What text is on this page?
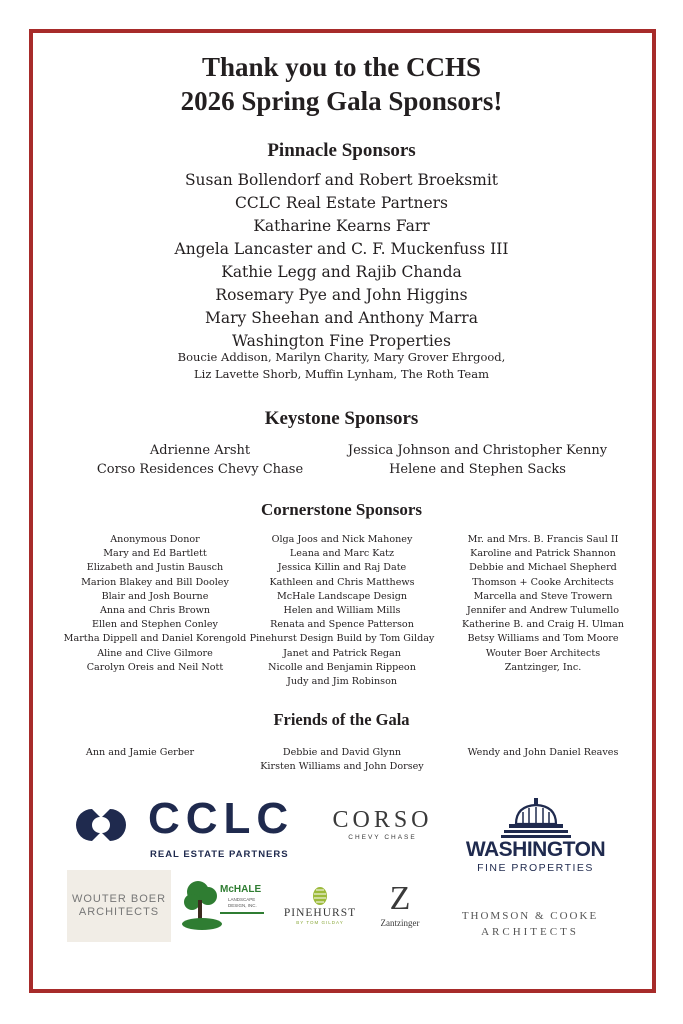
Thank you to the CCHS
2026 Spring Gala Sponsors!
Pinnacle Sponsors
Susan Bollendorf and Robert Broeksmit
CCLC Real Estate Partners
Katharine Kearns Farr
Angela Lancaster and C. F. Muckenfuss III
Kathie Legg and Rajib Chanda
Rosemary Pye and John Higgins
Mary Sheehan and Anthony Marra
Washington Fine Properties
Boucie Addison, Marilyn Charity, Mary Grover Ehrgood,
Liz Lavette Shorb, Muffin Lynham, The Roth Team
Keystone Sponsors
Adrienne Arsht
Corso Residences Chevy Chase
Jessica Johnson and Christopher Kenny
Helene and Stephen Sacks
Cornerstone Sponsors
Anonymous Donor
Mary and Ed Bartlett
Elizabeth and Justin Bausch
Marion Blakey and Bill Dooley
Blair and Josh Bourne
Anna and Chris Brown
Ellen and Stephen Conley
Martha Dippell and Daniel Korengold
Aline and Clive Gilmore
Carolyn Oreis and Neil Nott
Olga Joos and Nick Mahoney
Leana and Marc Katz
Jessica Killin and Raj Date
Kathleen and Chris Matthews
McHale Landscape Design
Helen and William Mills
Renata and Spence Patterson
Pinehurst Design Build by Tom Gilday
Janet and Patrick Regan
Nicolle and Benjamin Rippeon
Judy and Jim Robinson
Mr. and Mrs. B. Francis Saul II
Karoline and Patrick Shannon
Debbie and Michael Shepherd
Thomson + Cooke Architects
Marcella and Steve Trowern
Jennifer and Andrew Tulumello
Katherine B. and Craig H. Ulman
Betsy Williams and Tom Moore
Wouter Boer Architects
Zantzinger, Inc.
Friends of the Gala
Ann and Jamie Gerber	Debbie and David Glynn
Kirsten Williams and John Dorsey
Wendy and John Daniel Reaves
CCLC
REAL ESTATE PARTNERS
CORSO
CHEVY CHASE
WASHINGTON
FINE PROPERTIES
WOUTER BOER
ARCHITECTS
McHALE
LANDSCAPE
DESIGN, INC.
PINEHURST
BY TOM GILDAY
Z
Zantzinger
THOMSON & COOKE
ARCHITECTS
